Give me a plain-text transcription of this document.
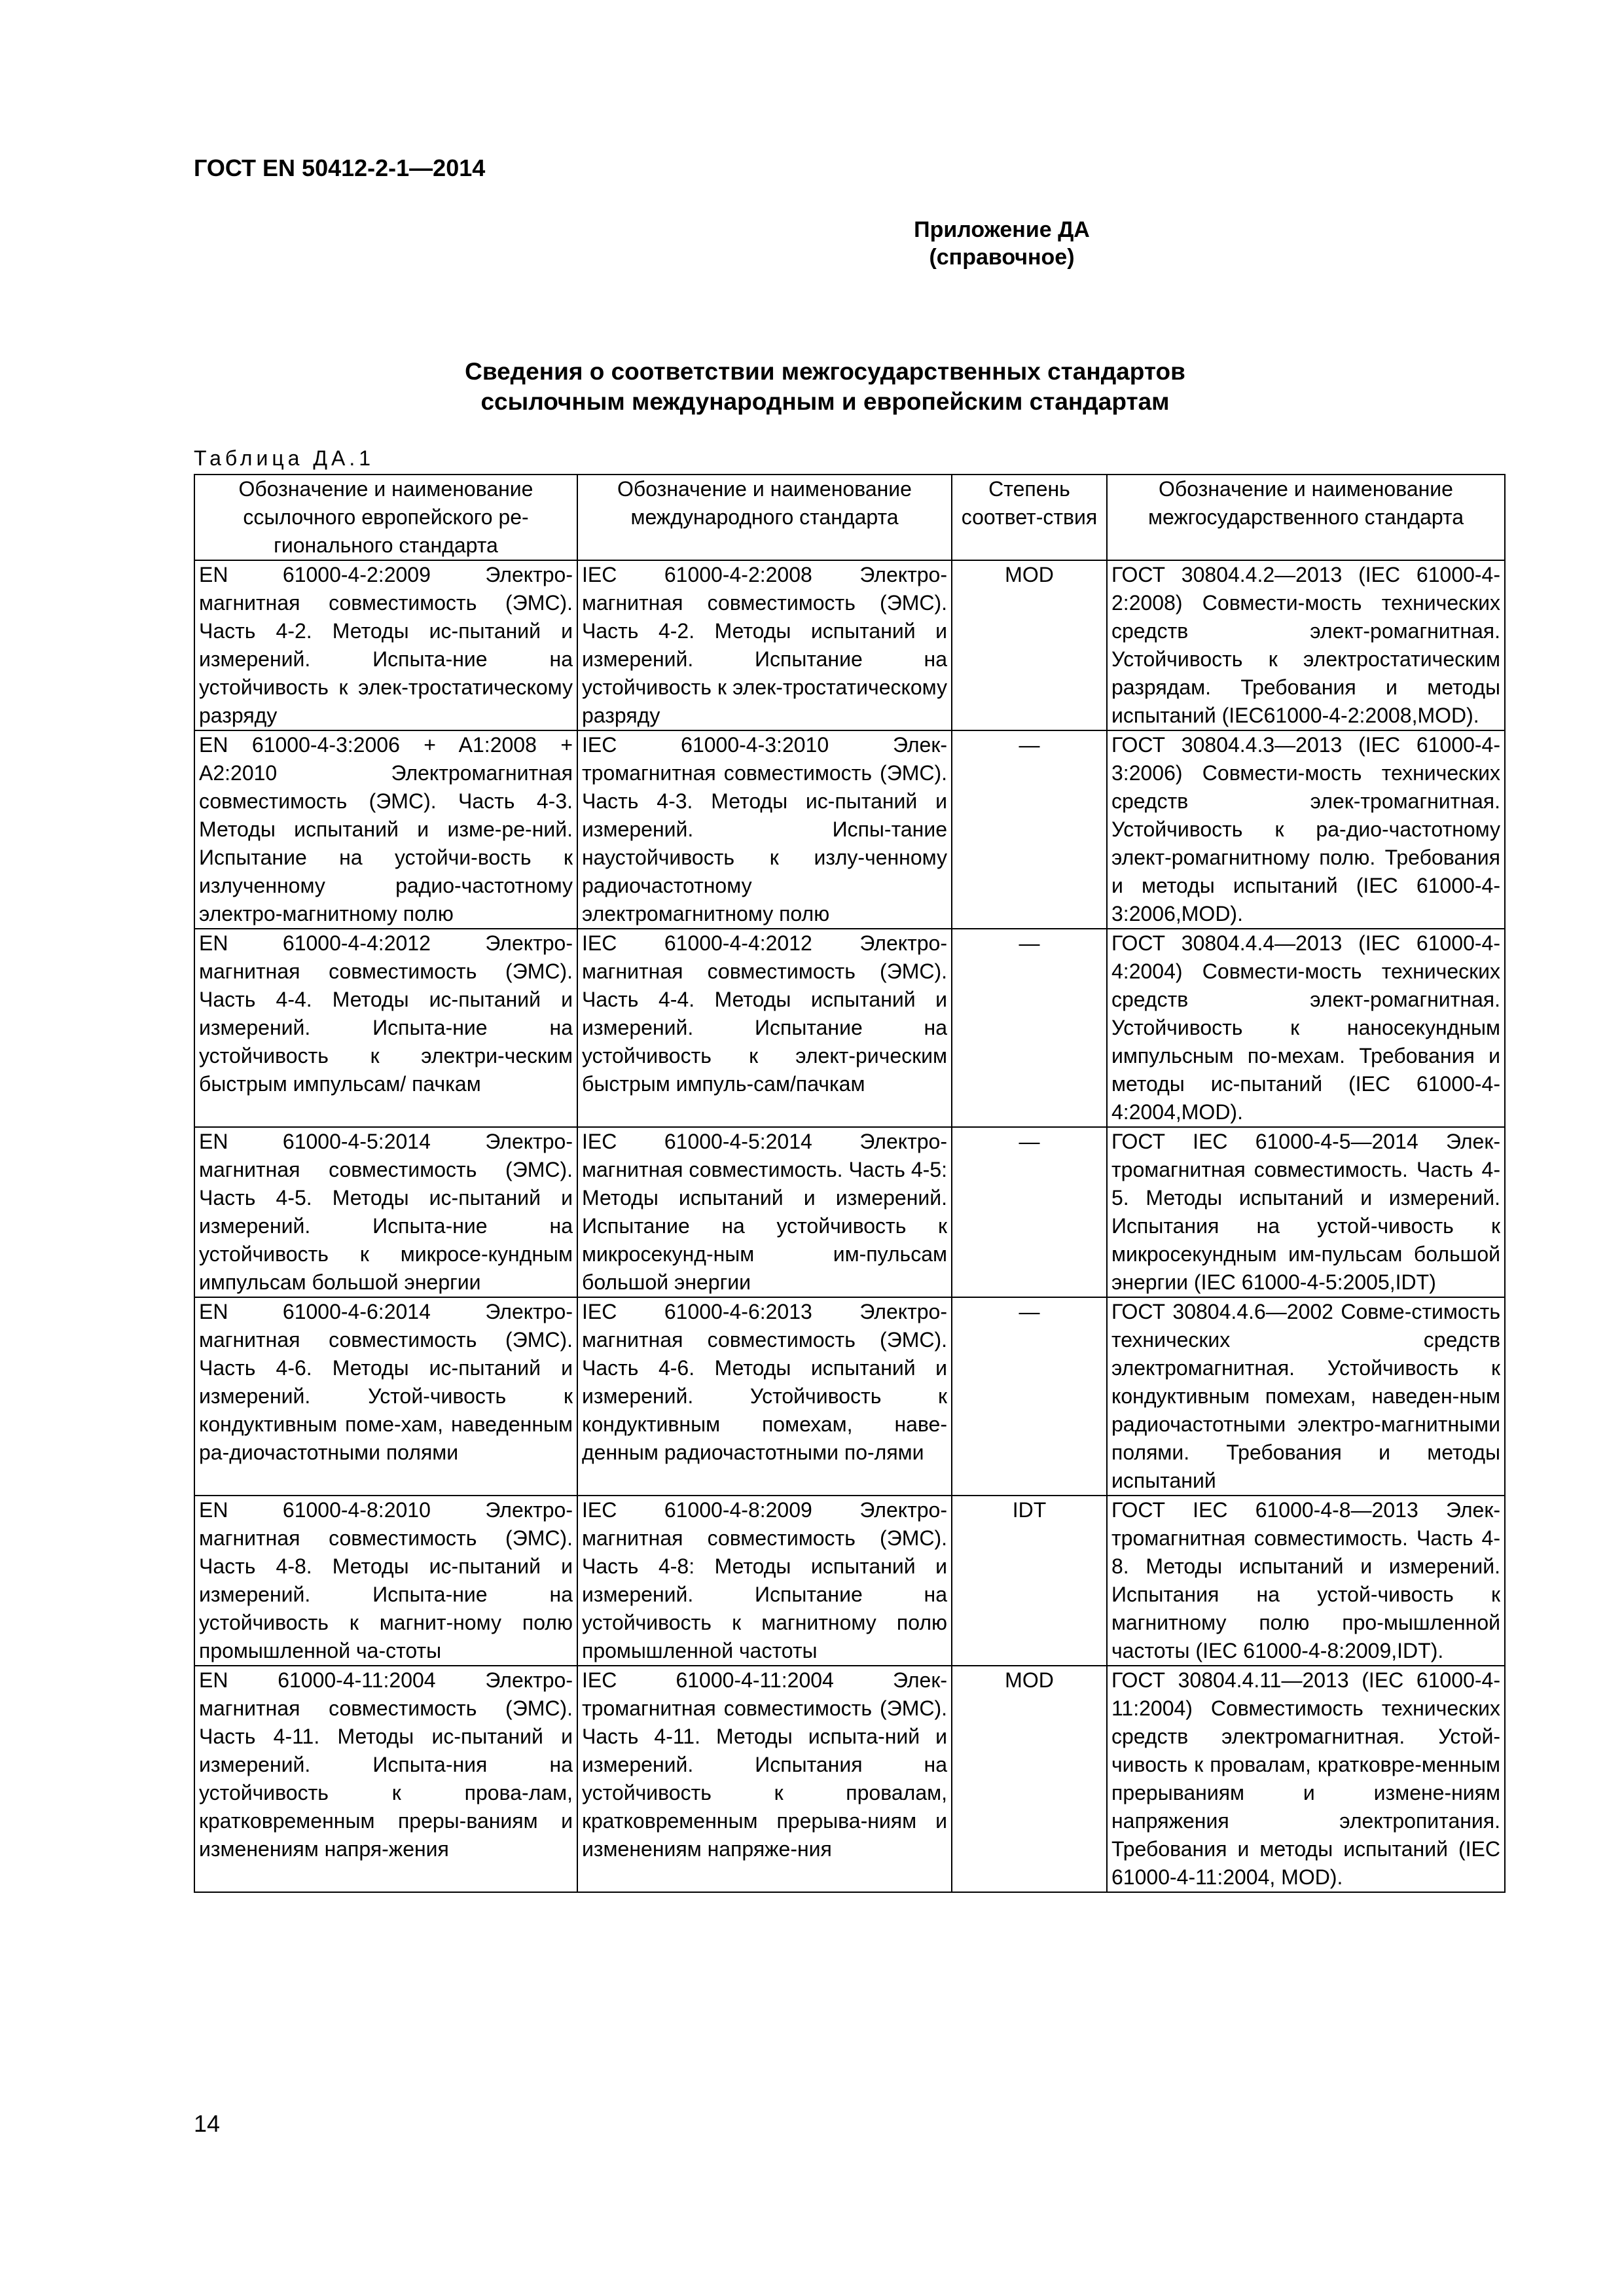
ГОСТ EN 50412-2-1—2014
Приложение ДА
(справочное)
Сведения о соответствии межгосударственных стандартов
ссылочным международным и европейским стандартам
Таблица ДА.1
Обозначение и наименование ссылочного европейского ре-гионального стандарта	Обозначение и наименование международного стандарта	Степень соответ-ствия	Обозначение и наименование межгосударственного стандарта
EN 61000-4-2:2009 Электро-магнитная совместимость (ЭМС). Часть 4-2. Методы ис-пытаний и измерений. Испыта-ние на устойчивость к элек-тростатическому разряду	IEC 61000-4-2:2008 Электро-магнитная совместимость (ЭМС). Часть 4-2. Методы испытаний и измерений. Испытание на устойчивость к элек-тростатическому разряду	MOD	ГОСТ 30804.4.2—2013 (IEC 61000-4-2:2008) Совмести-мость технических средств элект-ромагнитная. Устойчивость к электростатическим разрядам. Требования и методы испытаний (IEC61000-4-2:2008,MOD).
EN 61000-4-3:2006 + A1:2008 + A2:2010 Электромагнитная совместимость (ЭМС). Часть 4-3. Методы испытаний и изме-ре-ний. Испытание на устойчи-вость к излученному радио-частотному электро-магнитному полю	IEC 61000-4-3:2010 Элек-тромагнитная совместимость (ЭМС). Часть 4-3. Методы ис-пытаний и измерений. Испы-тание наустойчивость к излу-ченному радиочастотному электромагнитному полю	—	ГОСТ 30804.4.3—2013 (IEC 61000-4-3:2006) Совмести-мость технических средств элек-тромагнитная. Устойчивость к ра-дио-частотному элект-ромагнитному полю. Требования и методы испытаний (IEC 61000-4-3:2006,MOD).
EN 61000-4-4:2012 Электро-магнитная совместимость (ЭМС). Часть 4-4. Методы ис-пытаний и измерений. Испыта-ние на устойчивость к электри-ческим быстрым импульсам/ пачкам	IEC 61000-4-4:2012 Электро-магнитная совместимость (ЭМС). Часть 4-4. Методы испытаний и измерений. Испытание на устойчивость к элект-рическим быстрым импуль-сам/пачкам	—	ГОСТ 30804.4.4—2013 (IEC 61000-4-4:2004) Совмести-мость технических средств элект-ромагнитная. Устойчивость к наносекундным импульсным по-мехам. Требования и методы ис-пытаний (IEC 61000-4-4:2004,MOD).
EN 61000-4-5:2014 Электро-магнитная совместимость (ЭМС). Часть 4-5. Методы ис-пытаний и измерений. Испыта-ние на устойчивость к микросе-кундным импульсам большой энергии	IEC 61000-4-5:2014 Электро-магнитная совместимость. Часть 4-5: Методы испытаний и измерений. Испытание на устойчивость к микросекунд-ным им-пульсам большой энергии	—	ГОСТ IEC 61000-4-5—2014 Элек-тромагнитная совместимость. Часть 4-5. Методы испытаний и измерений. Испытания на устой-чивость к микросекундным им-пульсам большой энергии (IEC 61000-4-5:2005,IDT)
EN 61000-4-6:2014 Электро-магнитная совместимость (ЭМС). Часть 4-6. Методы ис-пытаний и измерений. Устой-чивость к кондуктивным поме-хам, наведенным ра-диочастотными полями	IEC 61000-4-6:2013 Электро-магнитная совместимость (ЭМС). Часть 4-6. Методы испытаний и измерений. Устойчивость к кондуктивным помехам, наве-денным радиочастотными по-лями	—	ГОСТ 30804.4.6—2002 Совме-стимость технических средств электромагнитная. Устойчивость к кондуктивным помехам, наведен-ным радиочастотными электро-магнитными полями. Требования и методы испытаний
EN 61000-4-8:2010 Электро-магнитная совместимость (ЭМС). Часть 4-8. Методы ис-пытаний и измерений. Испыта-ние на устойчивость к магнит-ному полю промышленной ча-стоты	IEC 61000-4-8:2009 Электро-магнитная совместимость (ЭМС). Часть 4-8: Методы испытаний и измерений. Испытание на устойчивость к магнитному полю промышленной частоты	IDT	ГОСТ IEC 61000-4-8—2013 Элек-тромагнитная совместимость. Часть 4-8. Методы испытаний и измерений. Испытания на устой-чивость к магнитному полю про-мышленной частоты (IEC 61000-4-8:2009,IDT).
EN 61000-4-11:2004 Электро-магнитная совместимость (ЭМС). Часть 4-11. Методы ис-пытаний и измерений. Испыта-ния на устойчивость к прова-лам, кратковременным преры-ваниям и изменениям напря-жения	IEC 61000-4-11:2004 Элек-тромагнитная совместимость (ЭМС). Часть 4-11. Методы испыта-ний и измерений. Испытания на устойчивость к провалам, кратковременным прерыва-ниям и изменениям напряже-ния	MOD	ГОСТ 30804.4.11—2013 (IEC 61000-4-11:2004) Совместимость технических средств электромагнитная. Устой-чивость к провалам, кратковре-менным прерываниям и измене-ниям напряжения электропитания. Требования и методы испытаний (IEC 61000-4-11:2004, MOD).
14
